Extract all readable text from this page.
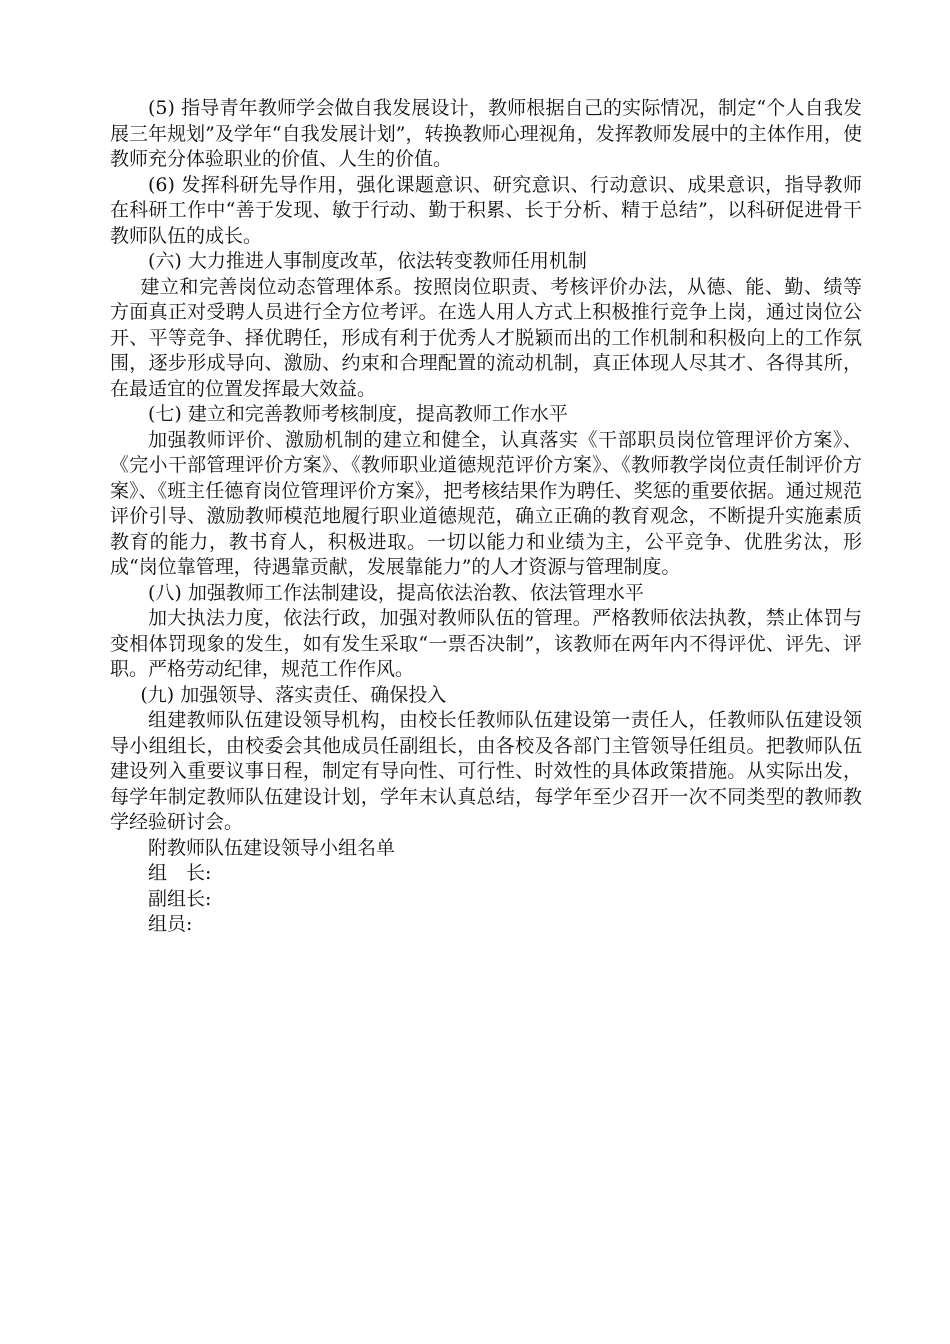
(5) 指导青年教师学会做自我发展设计，教师根据自己的实际情况，制定“个人自我发展三年规划”及学年“自我发展计划”，转换教师心理视角，发挥教师发展中的主体作用，使教师充分体验职业的价值、人生的价值。

(6) 发挥科研先导作用，强化课题意识、研究意识、行动意识、成果意识，指导教师在科研工作中“善于发现、敏于行动、勤于积累、长于分析、精于总结”，以科研促进骨干教师队伍的成长。

(六) 大力推进人事制度改革，依法转变教师任用机制

建立和完善岗位动态管理体系。按照岗位职责、考核评价办法，从德、能、勤、绩等方面真正对受聘人员进行全方位考评。在选人用人方式上积极推行竞争上岗，通过岗位公开、平等竞争、择优聘任，形成有利于优秀人才脱颖而出的工作机制和积极向上的工作氛围，逐步形成导向、激励、约束和合理配置的流动机制，真正体现人尽其才、各得其所，在最适宜的位置发挥最大效益。

(七) 建立和完善教师考核制度，提高教师工作水平

加强教师评价、激励机制的建立和健全，认真落实《干部职员岗位管理评价方案》、《完小干部管理评价方案》、《教师职业道德规范评价方案》、《教师教学岗位责任制评价方案》、《班主任德育岗位管理评价方案》，把考核结果作为聘任、奖惩的重要依据。通过规范评价引导、激励教师模范地履行职业道德规范，确立正确的教育观念，不断提升实施素质教育的能力，教书育人，积极进取。一切以能力和业绩为主，公平竞争、优胜劣汰，形成“岗位靠管理，待遇靠贡献，发展靠能力”的人才资源与管理制度。

(八) 加强教师工作法制建设，提高依法治教、依法管理水平

加大执法力度，依法行政，加强对教师队伍的管理。严格教师依法执教，禁止体罚与变相体罚现象的发生，如有发生采取“一票否决制”，该教师在两年内不得评优、评先、评职。严格劳动纪律，规范工作作风。

(九) 加强领导、落实责任、确保投入

组建教师队伍建设领导机构，由校长任教师队伍建设第一责任人，任教师队伍建设领导小组组长，由校委会其他成员任副组长，由各校及各部门主管领导任组员。把教师队伍建设列入重要议事日程，制定有导向性、可行性、时效性的具体政策措施。从实际出发，每学年制定教师队伍建设计划，学年末认真总结，每学年至少召开一次不同类型的教师教学经验研讨会。

附教师队伍建设领导小组名单

组　长:

副组长:

组员:
